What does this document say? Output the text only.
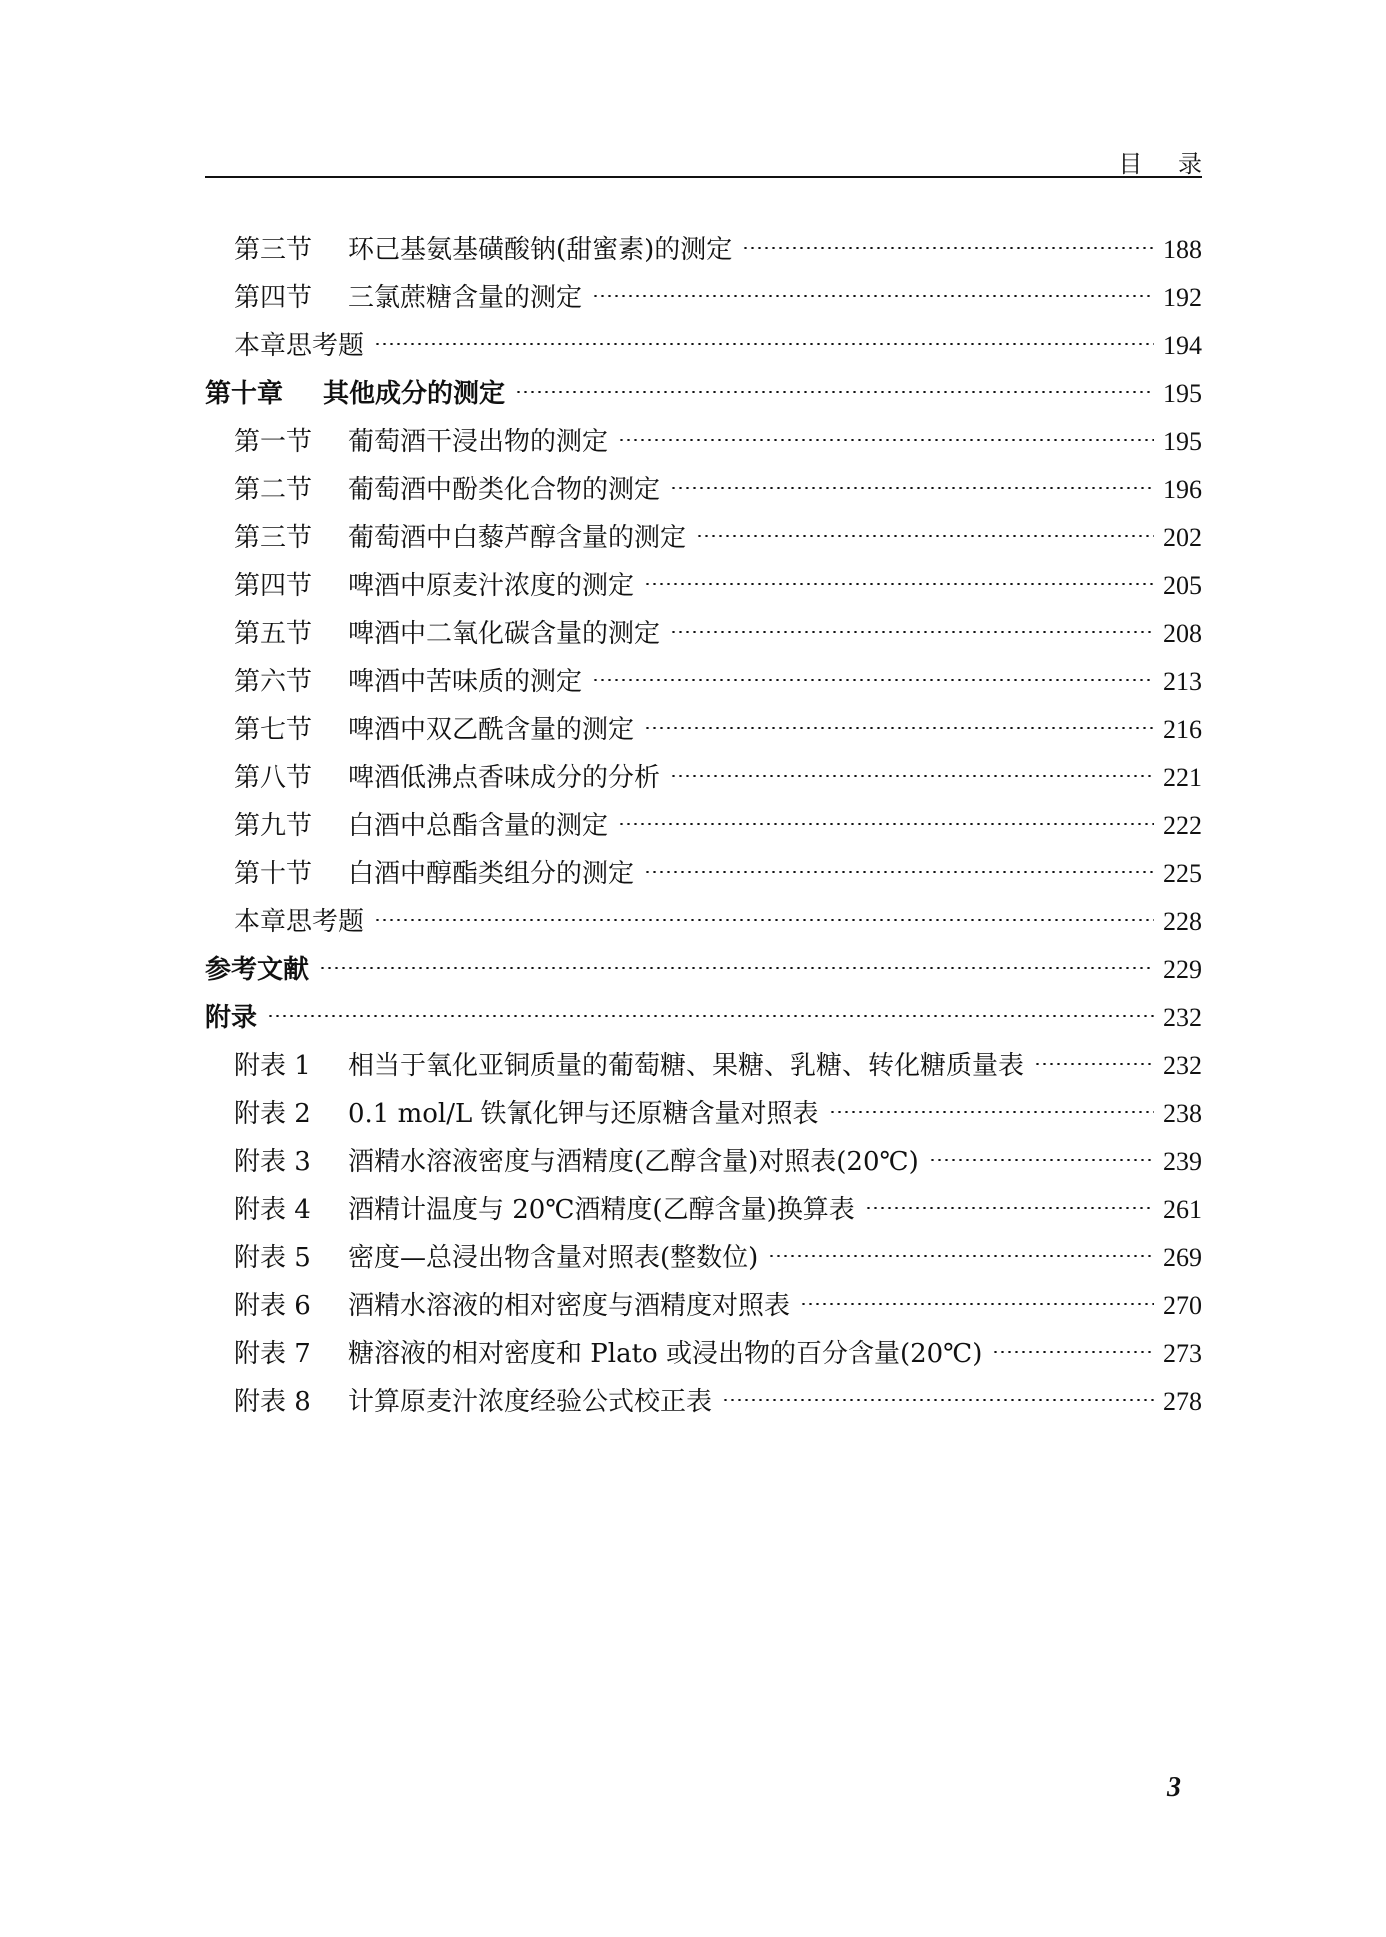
目 录
第三节	环己基氨基磺酸钠(甜蜜素)的测定	188
第四节	三氯蔗糖含量的测定	192
本章思考题	194
第十章	其他成分的测定	195
第一节	葡萄酒干浸出物的测定	195
第二节	葡萄酒中酚类化合物的测定	196
第三节	葡萄酒中白藜芦醇含量的测定	202
第四节	啤酒中原麦汁浓度的测定	205
第五节	啤酒中二氧化碳含量的测定	208
第六节	啤酒中苦味质的测定	213
第七节	啤酒中双乙酰含量的测定	216
第八节	啤酒低沸点香味成分的分析	221
第九节	白酒中总酯含量的测定	222
第十节	白酒中醇酯类组分的测定	225
本章思考题	228
参考文献	229
附录	232
附表 1	相当于氧化亚铜质量的葡萄糖、果糖、乳糖、转化糖质量表	232
附表 2	0.1 mol/L 铁氰化钾与还原糖含量对照表	238
附表 3	酒精水溶液密度与酒精度(乙醇含量)对照表(20℃)	239
附表 4	酒精计温度与 20℃酒精度(乙醇含量)换算表	261
附表 5	密度—总浸出物含量对照表(整数位)	269
附表 6	酒精水溶液的相对密度与酒精度对照表	270
附表 7	糖溶液的相对密度和 Plato 或浸出物的百分含量(20℃)	273
附表 8	计算原麦汁浓度经验公式校正表	278
3
